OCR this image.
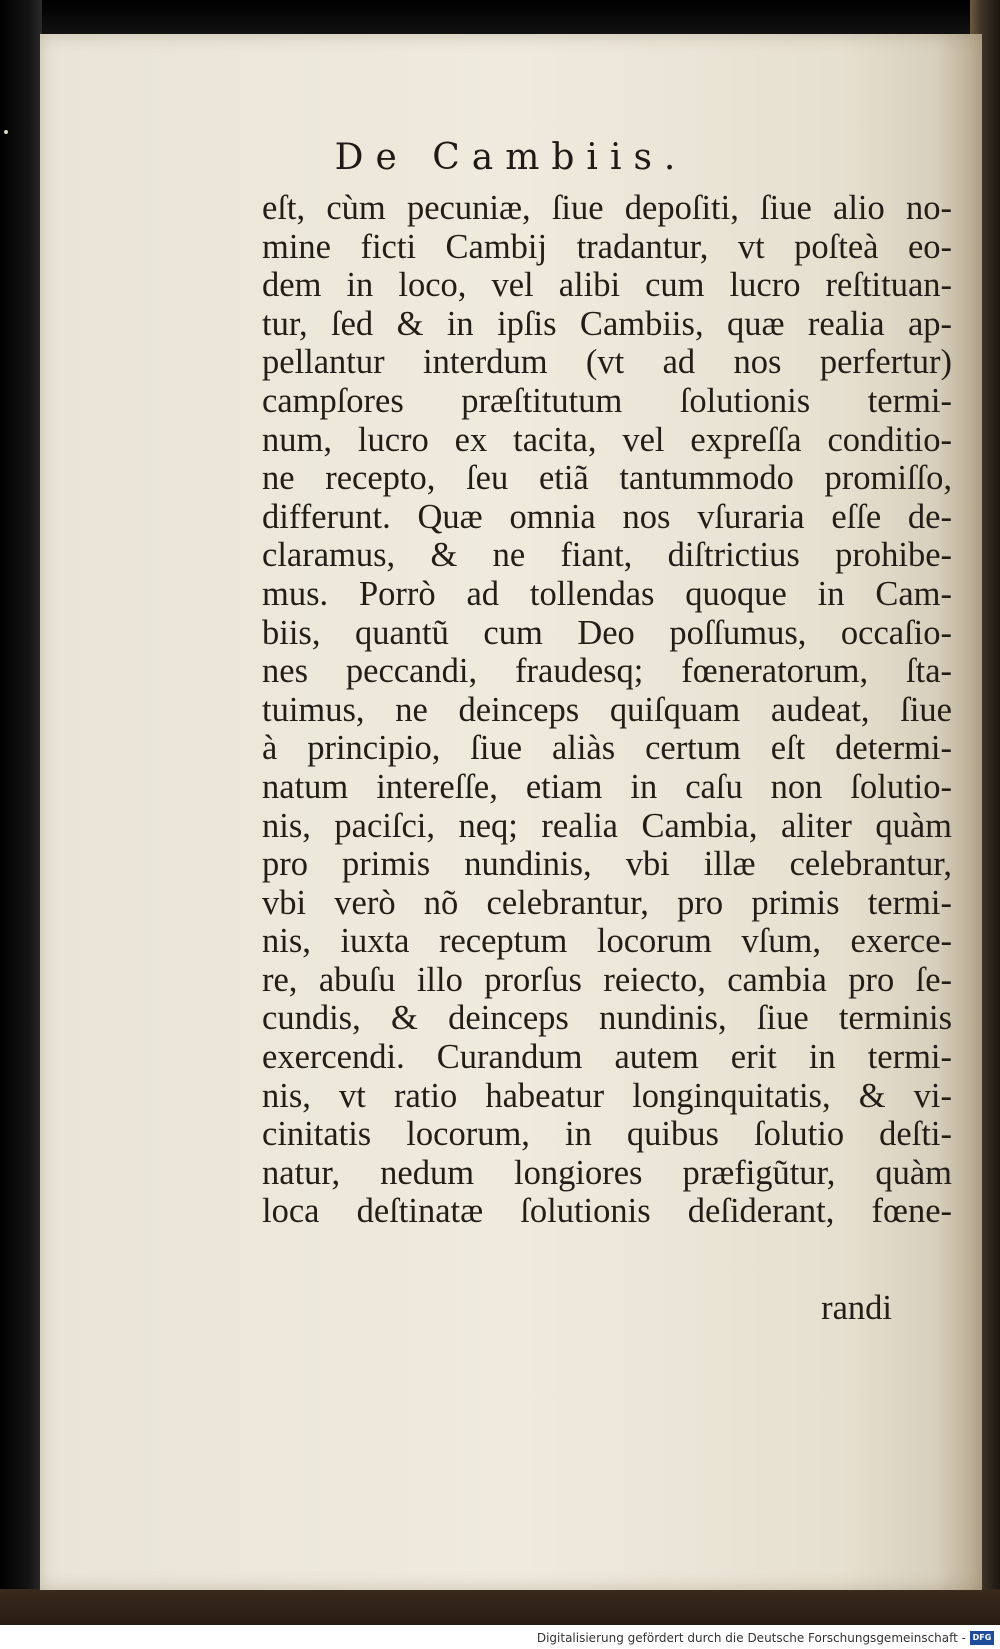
De Cambiis.
eſt, cùm pecuniæ, ſiue depoſiti, ſiue alio no-
mine ficti Cambij tradantur, vt poſteà eo-
dem in loco, vel alibi cum lucro reſtituan-
tur, ſed & in ipſis Cambiis, quæ realia ap-
pellantur interdum (vt ad nos perfertur)
campſores præſtitutum ſolutionis termi-
num, lucro ex tacita, vel expreſſa conditio-
ne recepto, ſeu etiã tantummodo promiſſo,
differunt. Quæ omnia nos vſuraria eſſe de-
claramus, & ne fiant, diſtrictius prohibe-
mus. Porrò ad tollendas quoque in Cam-
biis, quantũ cum Deo poſſumus, occaſio-
nes peccandi, fraudesq; fœneratorum, ſta-
tuimus, ne deinceps quiſquam audeat, ſiue
à principio, ſiue aliàs certum eſt determi-
natum intereſſe, etiam in caſu non ſolutio-
nis, paciſci, neq; realia Cambia, aliter quàm
pro primis nundinis, vbi illæ celebrantur,
vbi verò nõ celebrantur, pro primis termi-
nis, iuxta receptum locorum vſum, exerce-
re, abuſu illo prorſus reiecto, cambia pro ſe-
cundis, & deinceps nundinis, ſiue terminis
exercendi. Curandum autem erit in termi-
nis, vt ratio habeatur longinquitatis, & vi-
cinitatis locorum, in quibus ſolutio deſti-
natur, nedum longiores præfigũtur, quàm
loca deſtinatæ ſolutionis deſiderant, fœne-
randi
Digitalisierung gefördert durch die Deutsche Forschungsgemeinschaft - DFG
